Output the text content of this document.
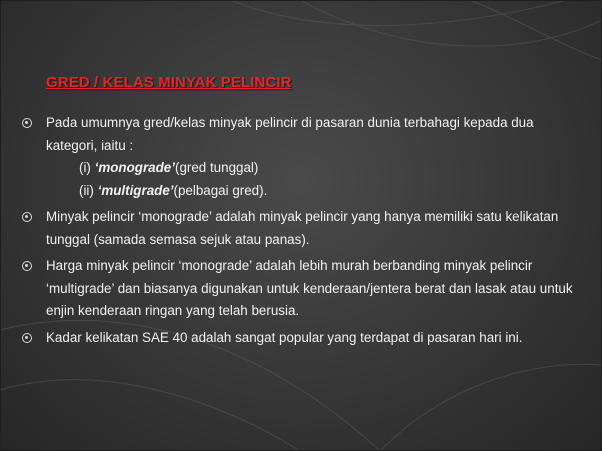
GRED / KELAS MINYAK PELINCIR
Pada umumnya gred/kelas minyak pelincir di pasaran dunia terbahagi kepada dua kategori, iaitu :
(i) ‘monograde’(gred tunggal)
(ii) ‘multigrade’(pelbagai gred).
Minyak pelincir ‘monograde’ adalah minyak pelincir yang hanya memiliki satu kelikatan tunggal (samada semasa sejuk atau panas).
Harga minyak pelincir ‘monograde’ adalah lebih murah berbanding minyak pelincir ‘multigrade’ dan biasanya digunakan untuk kenderaan/jentera berat dan lasak atau untuk enjin kenderaan ringan yang telah berusia.
Kadar kelikatan SAE 40 adalah sangat popular yang terdapat di pasaran hari ini.
